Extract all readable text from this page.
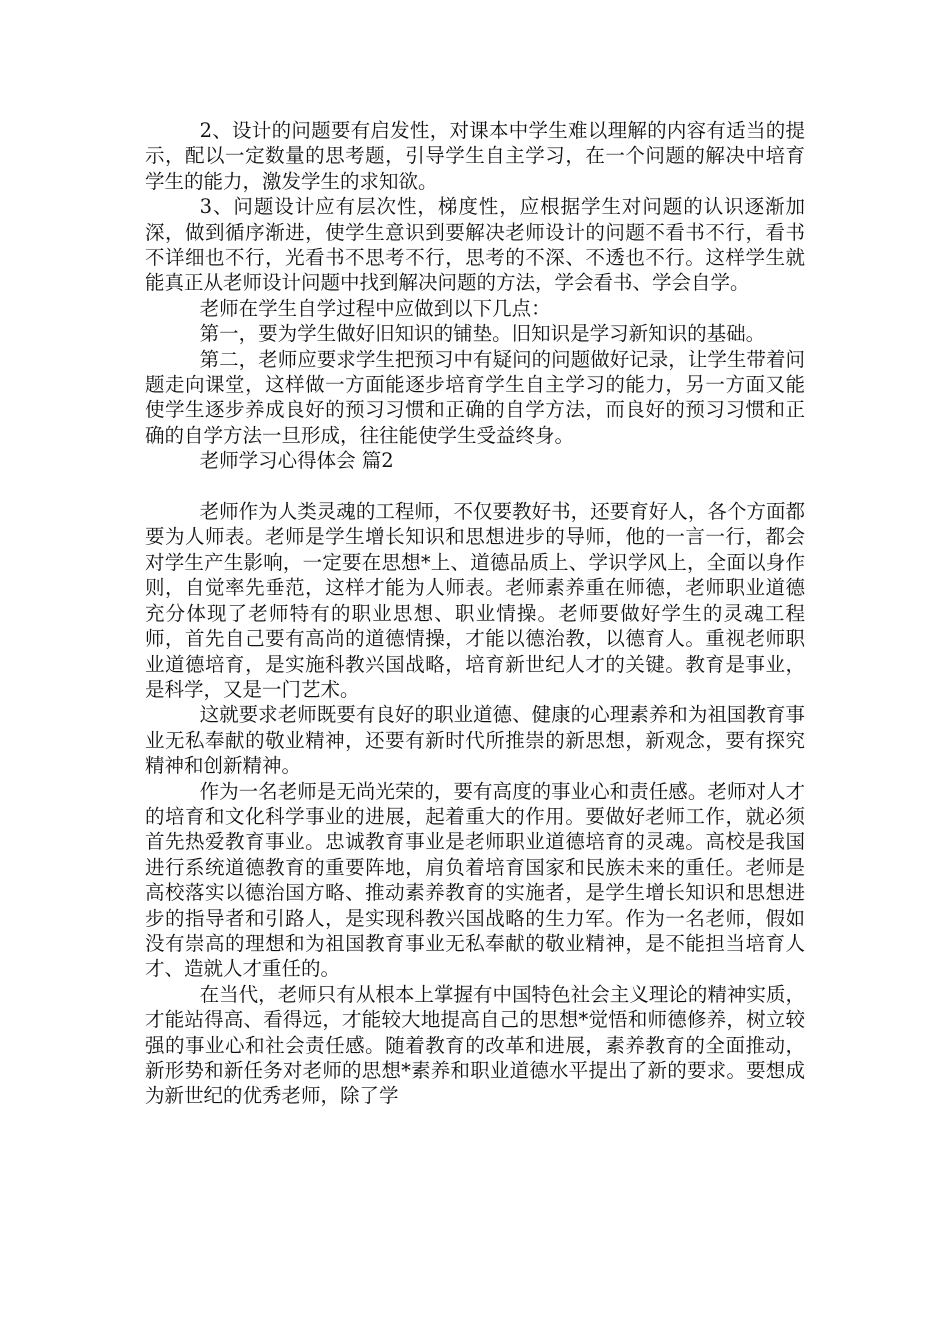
2、设计的问题要有启发性，对课本中学生难以理解的内容有适当的提示，配以一定数量的思考题，引导学生自主学习，在一个问题的解决中培育学生的能力，激发学生的求知欲。

3、问题设计应有层次性，梯度性，应根据学生对问题的认识逐渐加深，做到循序渐进，使学生意识到要解决老师设计的问题不看书不行，看书不详细也不行，光看书不思考不行，思考的不深、不透也不行。这样学生就能真正从老师设计问题中找到解决问题的方法，学会看书、学会自学。

老师在学生自学过程中应做到以下几点：

第一，要为学生做好旧知识的铺垫。旧知识是学习新知识的基础。

第二，老师应要求学生把预习中有疑问的问题做好记录，让学生带着问题走向课堂，这样做一方面能逐步培育学生自主学习的能力，另一方面又能使学生逐步养成良好的预习习惯和正确的自学方法，而良好的预习习惯和正确的自学方法一旦形成，往往能使学生受益终身。

老师学习心得体会 篇2

老师作为人类灵魂的工程师，不仅要教好书，还要育好人，各个方面都要为人师表。老师是学生增长知识和思想进步的导师，他的一言一行，都会对学生产生影响，一定要在思想*上、道德品质上、学识学风上，全面以身作则，自觉率先垂范，这样才能为人师表。老师素养重在师德，老师职业道德充分体现了老师特有的职业思想、职业情操。老师要做好学生的灵魂工程师，首先自己要有高尚的道德情操，才能以德治教，以德育人。重视老师职业道德培育，是实施科教兴国战略，培育新世纪人才的关键。教育是事业，是科学，又是一门艺术。

这就要求老师既要有良好的职业道德、健康的心理素养和为祖国教育事业无私奉献的敬业精神，还要有新时代所推崇的新思想，新观念，要有探究精神和创新精神。

作为一名老师是无尚光荣的，要有高度的事业心和责任感。老师对人才的培育和文化科学事业的进展，起着重大的作用。要做好老师工作，就必须首先热爱教育事业。忠诚教育事业是老师职业道德培育的灵魂。高校是我国进行系统道德教育的重要阵地，肩负着培育国家和民族未来的重任。老师是高校落实以德治国方略、推动素养教育的实施者，是学生增长知识和思想进步的指导者和引路人，是实现科教兴国战略的生力军。作为一名老师，假如没有崇高的理想和为祖国教育事业无私奉献的敬业精神，是不能担当培育人才、造就人才重任的。

在当代，老师只有从根本上掌握有中国特色社会主义理论的精神实质，才能站得高、看得远，才能较大地提高自己的思想*觉悟和师德修养，树立较强的事业心和社会责任感。随着教育的改革和进展，素养教育的全面推动，新形势和新任务对老师的思想*素养和职业道德水平提出了新的要求。要想成为新世纪的优秀老师，除了学
